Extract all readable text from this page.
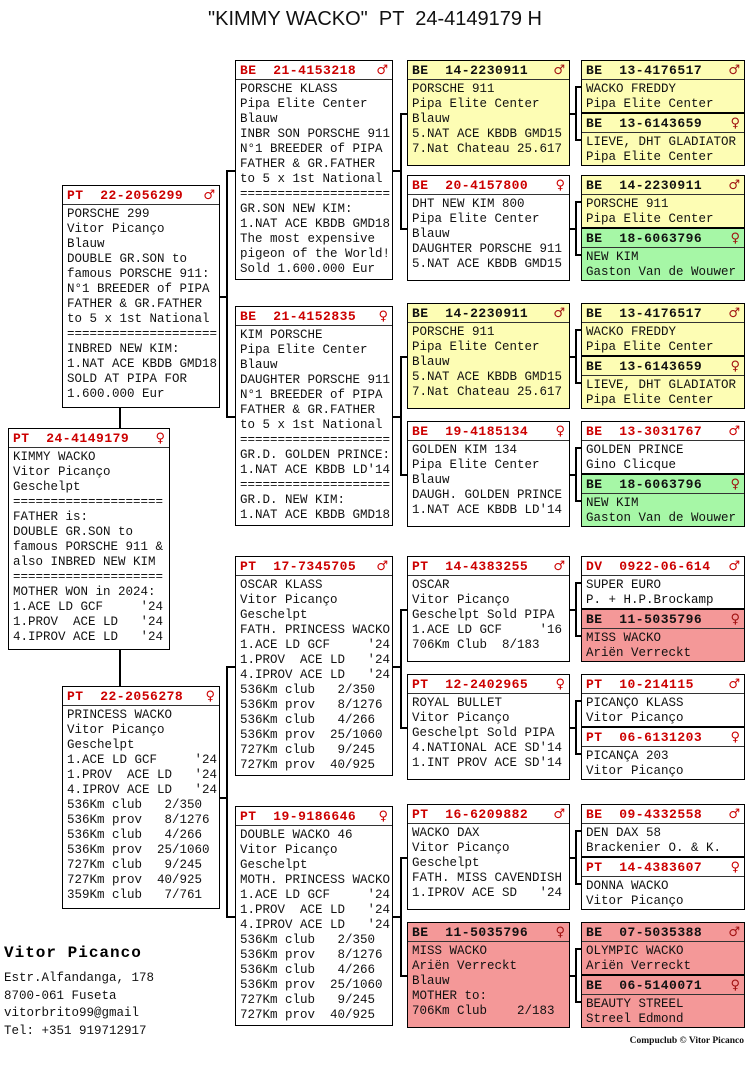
"KIMMY WACKO"  PT  24-4149179 H
PT  24-4149179 ♀
KIMMY WACKO
Vitor Picanço
Geschelpt
====================
FATHER is:
DOUBLE GR.SON to
famous PORSCHE 911 &
also INBRED NEW KIM
====================
MOTHER WON in 2024:
1.ACE LD GCF     '24
1.PROV  ACE LD   '24
4.IPROV ACE LD   '24
PT  22-2056299 ♂
PORSCHE 299
Vitor Picanço
Blauw
DOUBLE GR.SON to
famous PORSCHE 911:
N°1 BREEDER of PIPA
FATHER & GR.FATHER
to 5 x 1st National
====================
INBRED NEW KIM:
1.NAT ACE KBDB GMD18
SOLD AT PIPA FOR
1.600.000 Eur
PT  22-2056278 ♀
PRINCESS WACKO
Vitor Picanço
Geschelpt
1.ACE LD GCF     '24
1.PROV  ACE LD   '24
4.IPROV ACE LD   '24
536Km club   2/350
536Km prov   8/1276
536Km club   4/266
536Km prov  25/1060
727Km club   9/245
727Km prov  40/925
359Km club   7/761
BE  21-4153218 ♂
PORSCHE KLASS
Pipa Elite Center
Blauw
INBR SON PORSCHE 911
N°1 BREEDER of PIPA
FATHER & GR.FATHER
to 5 x 1st National
====================
GR.SON NEW KIM:
1.NAT ACE KBDB GMD18
The most expensive
pigeon of the World!
Sold 1.600.000 Eur
BE  21-4152835 ♀
KIM PORSCHE
Pipa Elite Center
Blauw
DAUGHTER PORSCHE 911
N°1 BREEDER of PIPA
FATHER & GR.FATHER
to 5 x 1st National
====================
GR.D. GOLDEN PRINCE:
1.NAT ACE KBDB LD'14
====================
GR.D. NEW KIM:
1.NAT ACE KBDB GMD18
PT  17-7345705 ♂
OSCAR KLASS
Vitor Picanço
Geschelpt
FATH. PRINCESS WACKO
1.ACE LD GCF     '24
1.PROV  ACE LD   '24
4.IPROV ACE LD   '24
536Km club   2/350
536Km prov   8/1276
536Km club   4/266
536Km prov  25/1060
727Km club   9/245
727Km prov  40/925
PT  19-9186646 ♀
DOUBLE WACKO 46
Vitor Picanço
Geschelpt
MOTH. PRINCESS WACKO
1.ACE LD GCF     '24
1.PROV  ACE LD   '24
4.IPROV ACE LD   '24
536Km club   2/350
536Km prov   8/1276
536Km club   4/266
536Km prov  25/1060
727Km club   9/245
727Km prov  40/925
BE  14-2230911 ♂
PORSCHE 911
Pipa Elite Center
Blauw
5.NAT ACE KBDB GMD15
7.Nat Chateau 25.617
BE  20-4157800 ♀
DHT NEW KIM 800
Pipa Elite Center
Blauw
DAUGHTER PORSCHE 911
5.NAT ACE KBDB GMD15
BE  14-2230911 ♂
PORSCHE 911
Pipa Elite Center
Blauw
5.NAT ACE KBDB GMD15
7.Nat Chateau 25.617
BE  19-4185134 ♀
GOLDEN KIM 134
Pipa Elite Center
Blauw
DAUGH. GOLDEN PRINCE
1.NAT ACE KBDB LD'14
PT  14-4383255 ♂
OSCAR
Vitor Picanço
Geschelpt Sold PIPA
1.ACE LD GCF     '16
706Km Club  8/183
PT  12-2402965 ♀
ROYAL BULLET
Vitor Picanço
Geschelpt Sold PIPA
4.NATIONAL ACE SD'14
1.INT PROV ACE SD'14
PT  16-6209882 ♂
WACKO DAX
Vitor Picanço
Geschelpt
FATH. MISS CAVENDISH
1.IPROV ACE SD   '24
BE  11-5035796 ♀
MISS WACKO
Ariën Verreckt
Blauw
MOTHER to:
706Km Club    2/183
BE  13-4176517 ♂
WACKO FREDDY
Pipa Elite Center
BE  13-6143659 ♀
LIEVE, DHT GLADIATOR
Pipa Elite Center
BE  14-2230911 ♂
PORSCHE 911
Pipa Elite Center
BE  18-6063796 ♀
NEW KIM
Gaston Van de Wouwer
BE  13-4176517 ♂
WACKO FREDDY
Pipa Elite Center
BE  13-6143659 ♀
LIEVE, DHT GLADIATOR
Pipa Elite Center
BE  13-3031767 ♂
GOLDEN PRINCE
Gino Clicque
BE  18-6063796 ♀
NEW KIM
Gaston Van de Wouwer
DV  0922-06-614 ♂
SUPER EURO
P. + H.P.Brockamp
BE  11-5035796 ♀
MISS WACKO
Ariën Verreckt
PT  10-214115	♂
PICANÇO KLASS
Vitor Picanço
PT  06-6131203 ♀
PICANÇA 203
Vitor Picanço
BE  09-4332558 ♂
DEN DAX 58
Brackenier O. & K.
PT  14-4383607 ♀
DONNA WACKO
Vitor Picanço
BE  07-5035388 ♂
OLYMPIC WACKO
Ariën Verreckt
BE  06-5140071 ♀
BEAUTY STREEL
Streel Edmond
Vitor Picanco
Estr.Alfandanga, 178
8700-061 Fuseta
vitorbrito99@gmail
Tel: +351 919712917
Compuclub © Vitor Picanco
